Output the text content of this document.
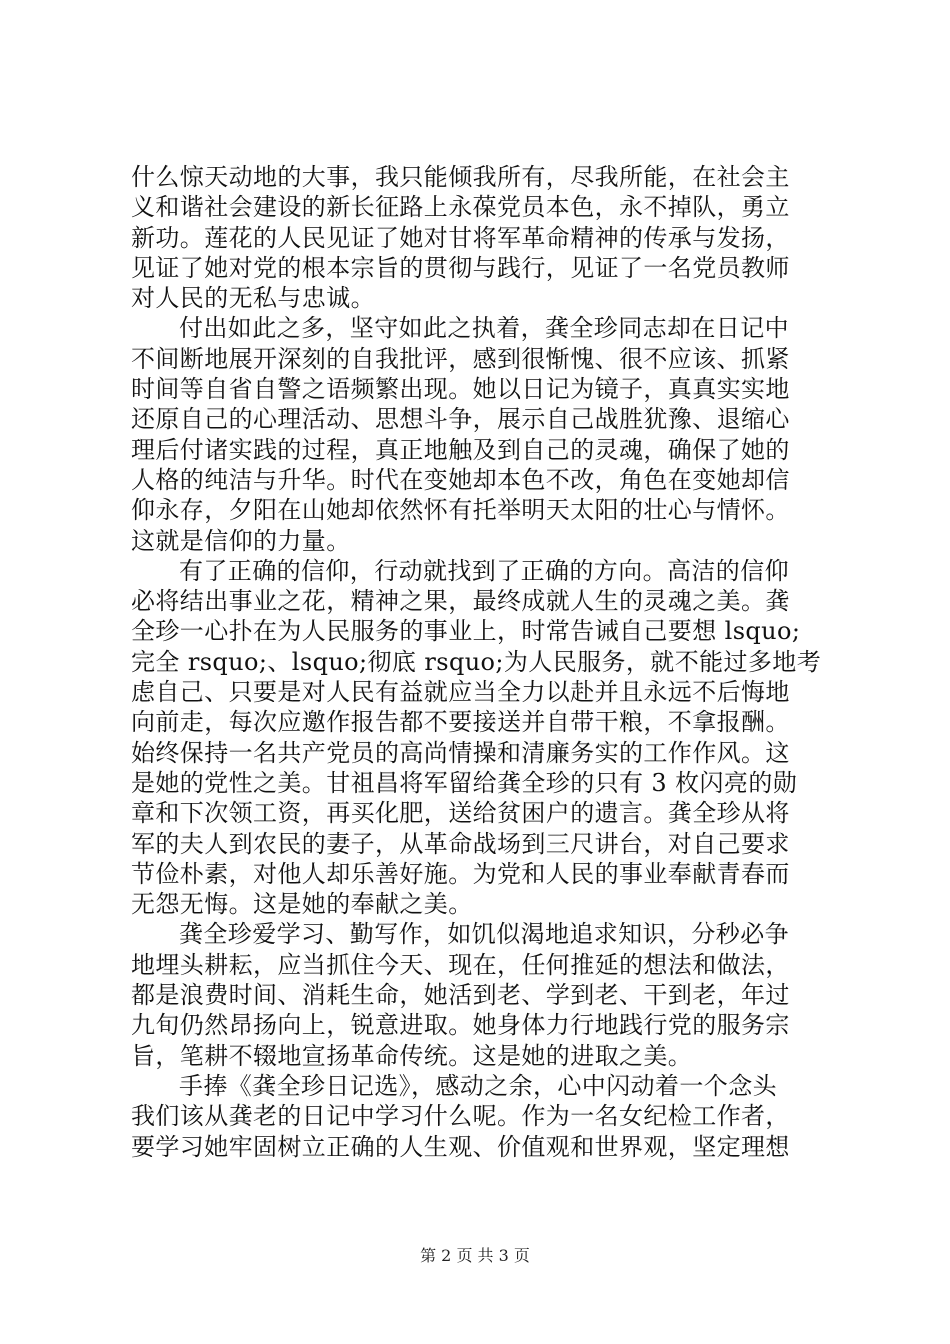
什么惊天动地的大事，我只能倾我所有，尽我所能，在社会主
义和谐社会建设的新长征路上永葆党员本色，永不掉队，勇立
新功。莲花的人民见证了她对甘将军革命精神的传承与发扬，
见证了她对党的根本宗旨的贯彻与践行，见证了一名党员教师
对人民的无私与忠诚。
付出如此之多，坚守如此之执着，龚全珍同志却在日记中
不间断地展开深刻的自我批评，感到很惭愧、很不应该、抓紧
时间等自省自警之语频繁出现。她以日记为镜子，真真实实地
还原自己的心理活动、思想斗争，展示自己战胜犹豫、退缩心
理后付诸实践的过程，真正地触及到自己的灵魂，确保了她的
人格的纯洁与升华。时代在变她却本色不改，角色在变她却信
仰永存，夕阳在山她却依然怀有托举明天太阳的壮心与情怀。
这就是信仰的力量。
有了正确的信仰，行动就找到了正确的方向。高洁的信仰
必将结出事业之花，精神之果，最终成就人生的灵魂之美。龚
全珍一心扑在为人民服务的事业上，时常告诫自己要想 lsquo;
完全 rsquo;、lsquo;彻底 rsquo;为人民服务，就不能过多地考
虑自己、只要是对人民有益就应当全力以赴并且永远不后悔地
向前走，每次应邀作报告都不要接送并自带干粮，不拿报酬。
始终保持一名共产党员的高尚情操和清廉务实的工作作风。这
是她的党性之美。甘祖昌将军留给龚全珍的只有 3 枚闪亮的勋
章和下次领工资，再买化肥，送给贫困户的遗言。龚全珍从将
军的夫人到农民的妻子，从革命战场到三尺讲台，对自己要求
节俭朴素，对他人却乐善好施。为党和人民的事业奉献青春而
无怨无悔。这是她的奉献之美。
龚全珍爱学习、勤写作，如饥似渴地追求知识，分秒必争
地埋头耕耘，应当抓住今天、现在，任何推延的想法和做法，
都是浪费时间、消耗生命，她活到老、学到老、干到老，年过
九旬仍然昂扬向上，锐意进取。她身体力行地践行党的服务宗
旨，笔耕不辍地宣扬革命传统。这是她的进取之美。
手捧《龚全珍日记选》，感动之余，心中闪动着一个念头
我们该从龚老的日记中学习什么呢。作为一名女纪检工作者，
要学习她牢固树立正确的人生观、价值观和世界观，坚定理想
第 2 页 共 3 页
